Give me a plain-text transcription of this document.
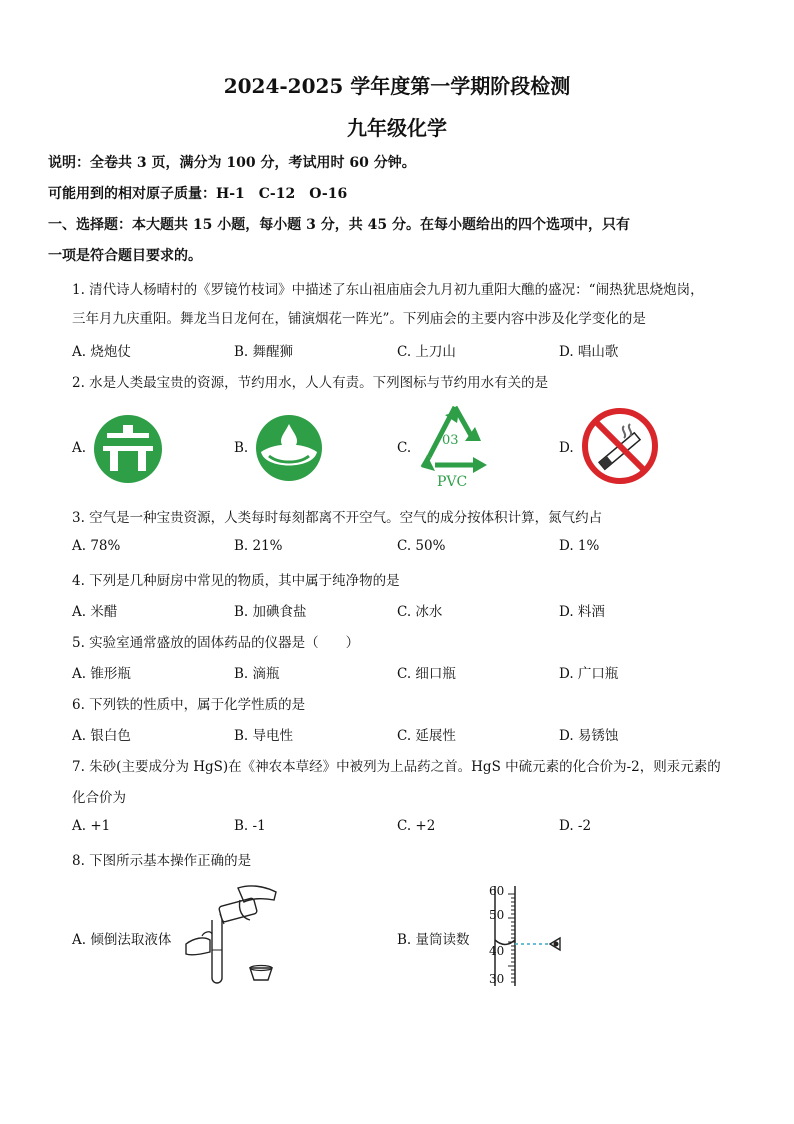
2024-2025 学年度第一学期阶段检测
九年级化学
说明：全卷共 3 页，满分为 100 分，考试用时 60 分钟。
可能用到的相对原子质量：H-1　C-12　O-16
一、选择题：本大题共 15 小题，每小题 3 分，共 45 分。在每小题给出的四个选项中，只有
一项是符合题目要求的。
1. 清代诗人杨晴村的《罗镜竹枝词》中描述了东山祖庙庙会九月初九重阳大醮的盛况：“闹热犹思烧炮岗，
三年月九庆重阳。舞龙当日龙何在，铺演烟花一阵光”。下列庙会的主要内容中涉及化学变化的是
A. 烧炮仗	B. 舞醒狮	C. 上刀山	D. 唱山歌
2. 水是人类最宝贵的资源，节约用水，人人有责。下列图标与节约用水有关的是
A.	B.	C.	D.
03
PVC
3. 空气是一种宝贵资源，人类每时每刻都离不开空气。空气的成分按体积计算，氮气约占
A. 78%	B. 21%	C. 50%	D. 1%
4. 下列是几种厨房中常见的物质，其中属于纯净物的是
A. 米醋	B. 加碘食盐	C. 冰水	D. 料酒
5. 实验室通常盛放的固体药品的仪器是（　　）
A. 锥形瓶	B. 滴瓶	C. 细口瓶	D. 广口瓶
6. 下列铁的性质中，属于化学性质的是
A. 银白色	B. 导电性	C. 延展性	D. 易锈蚀
7. 朱砂(主要成分为 HgS)在《神农本草经》中被列为上品药之首。HgS 中硫元素的化合价为-2，则汞元素的
化合价为
A. +1	B. -1	C. +2	D. -2
8. 下图所示基本操作正确的是
A. 倾倒法取液体	B. 量筒读数
60
50
40
30
